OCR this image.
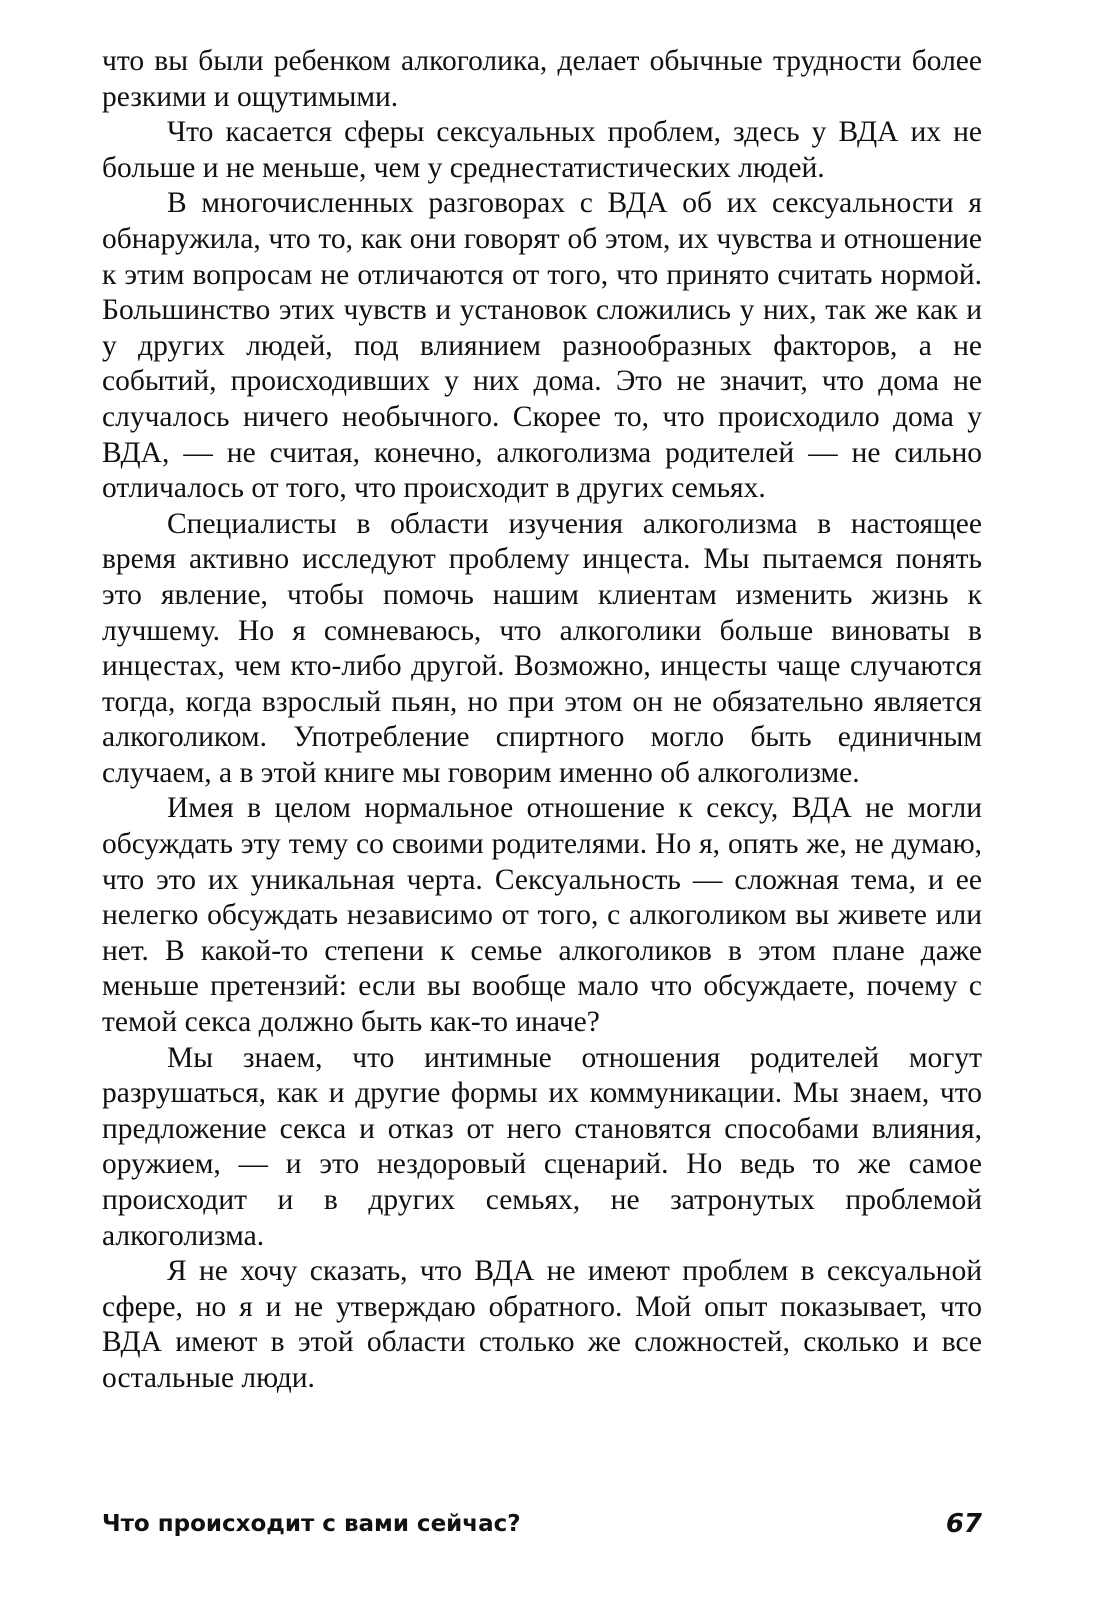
что вы были ребенком алкоголика, делает обычные трудности более резкими и ощутимыми.

Что касается сферы сексуальных проблем, здесь у ВДА их не больше и не меньше, чем у среднестатистических людей.

В многочисленных разговорах с ВДА об их сексуальности я обнаружила, что то, как они говорят об этом, их чувства и отношение к этим вопросам не отличаются от того, что принято считать нормой. Большинство этих чувств и установок сложились у них, так же как и у других людей, под влиянием разнообразных факторов, а не событий, происходивших у них дома. Это не значит, что дома не случалось ничего необычного. Скорее то, что происходило дома у ВДА, — не считая, конечно, алкоголизма родителей — не сильно отличалось от того, что происходит в других семьях.

Специалисты в области изучения алкоголизма в настоящее время активно исследуют проблему инцеста. Мы пытаемся понять это явление, чтобы помочь нашим клиентам изменить жизнь к лучшему. Но я сомневаюсь, что алкоголики больше виноваты в инцестах, чем кто-либо другой. Возможно, инцесты чаще случаются тогда, когда взрослый пьян, но при этом он не обязательно является алкоголиком. Употребление спиртного могло быть единичным случаем, а в этой книге мы говорим именно об алкоголизме.

Имея в целом нормальное отношение к сексу, ВДА не могли обсуждать эту тему со своими родителями. Но я, опять же, не думаю, что это их уникальная черта. Сексуальность — сложная тема, и ее нелегко обсуждать независимо от того, с алкоголиком вы живете или нет. В какой-то степени к семье алкоголиков в этом плане даже меньше претензий: если вы вообще мало что обсуждаете, почему с темой секса должно быть как-то иначе?

Мы знаем, что интимные отношения родителей могут разрушаться, как и другие формы их коммуникации. Мы знаем, что предложение секса и отказ от него становятся способами влияния, оружием, — и это нездоровый сценарий. Но ведь то же самое происходит и в других семьях, не затронутых проблемой алкоголизма.

Я не хочу сказать, что ВДА не имеют проблем в сексуальной сфере, но я и не утверждаю обратного. Мой опыт показывает, что ВДА имеют в этой области столько же сложностей, сколько и все остальные люди.

Что происходит с вами сейчас?	67
